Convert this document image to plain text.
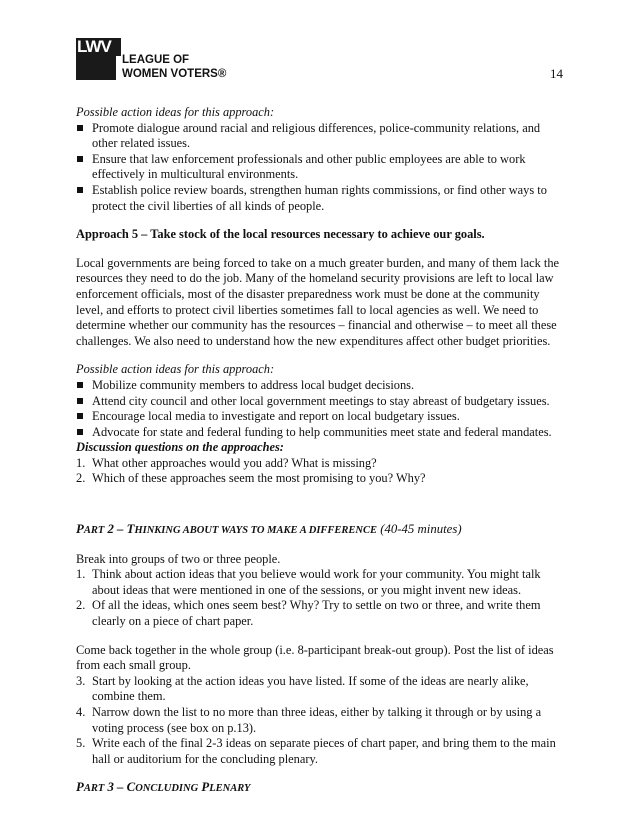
LWV
LEAGUE OF
WOMEN VOTERS®	14

Possible action ideas for this approach:

Promote dialogue around racial and religious differences, police-community relations, and other related issues.
Ensure that law enforcement professionals and other public employees are able to work effectively in multicultural environments.
Establish police review boards, strengthen human rights commissions, or find other ways to protect the civil liberties of all kinds of people.

Approach 5 – Take stock of the local resources necessary to achieve our goals.

Local governments are being forced to take on a much greater burden, and many of them lack the resources they need to do the job. Many of the homeland security provisions are left to local law enforcement officials, most of the disaster preparedness work must be done at the community level, and efforts to protect civil liberties sometimes fall to local agencies as well. We need to determine whether our community has the resources – financial and otherwise – to meet all these challenges. We also need to understand how the new expenditures affect other budget priorities.

Possible action ideas for this approach:

Mobilize community members to address local budget decisions.
Attend city council and other local government meetings to stay abreast of budgetary issues.
Encourage local media to investigate and report on local budgetary issues.
Advocate for state and federal funding to help communities meet state and federal mandates.

Discussion questions on the approaches:

1. What other approaches would you add? What is missing?
2. Which of these approaches seem the most promising to you? Why?

PART 2 – THINKING ABOUT WAYS TO MAKE A DIFFERENCE (40-45 minutes)

Break into groups of two or three people.

1. Think about action ideas that you believe would work for your community. You might talk about ideas that were mentioned in one of the sessions, or you might invent new ideas.
2. Of all the ideas, which ones seem best? Why? Try to settle on two or three, and write them clearly on a piece of chart paper.

Come back together in the whole group (i.e. 8-participant break-out group). Post the list of ideas from each small group.

3. Start by looking at the action ideas you have listed. If some of the ideas are nearly alike, combine them.
4. Narrow down the list to no more than three ideas, either by talking it through or by using a voting process (see box on p.13).
5. Write each of the final 2-3 ideas on separate pieces of chart paper, and bring them to the main hall or auditorium for the concluding plenary.

PART 3 – CONCLUDING PLENARY
